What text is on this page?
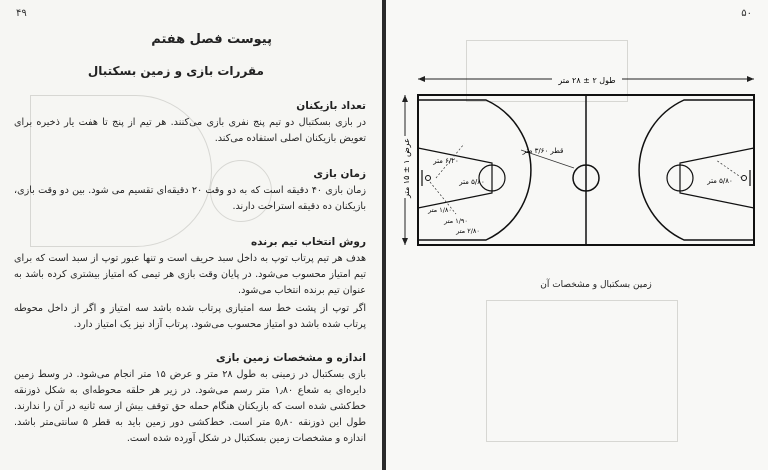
۴۹
پیوست فصل هفتم
مقررات بازی و زمین بسکتبال
تعداد بازیکنان

در بازی بسکتبال دو تیم پنج نفری بازی می‌کنند. هر تیم از پنج تا هفت یار ذخیره برای تعویض بازیکنان اصلی استفاده می‌کند.

زمان بازی

زمان بازی ۴۰ دقیقه است که به دو وقت ۲۰ دقیقه‌ای تقسیم می شود. بین دو وقت بازی، بازیکنان ده دقیقه استراحت دارند.

روش انتخاب تیم برنده

هدف هر تیم پرتاب توپ به داخل سبد حریف است و تنها عبور توپ از سبد است که برای تیم امتیاز محسوب می‌شود. در پایان وقت بازی هر تیمی که امتیاز بیشتری کرده باشد به عنوان تیم برنده انتخاب می‌شود.

اگر توپ از پشت خط سه امتیازی پرتاب شده باشد سه امتیاز و اگر از داخل محوطه پرتاب شده باشد دو امتیاز محسوب می‌شود. پرتاب آزاد نیز یک امتیاز دارد.

اندازه و مشخصات زمین بازی

بازی بسکتبال در زمینی به طول ۲۸ متر و عرض ۱۵ متر انجام می‌شود. در وسط زمین دایره‌ای به شعاع ۱٫۸۰ متر رسم می‌شود. در زیر هر حلقه محوطه‌ای به شکل ذوزنقه خط‌کشی شده است که بازیکنان هنگام حمله حق توقف بیش از سه ثانیه در آن را ندارند. طول این ذوزنقه ۵٫۸۰ متر است. خط‌کشی دور زمین باید به قطر ۵ سانتی‌متر باشد. اندازه و مشخصات زمین بسکتبال در شکل آورده شده است.

۵۰
طول ۲ ± ۲۸ متر
عرض ۱ ± ۱۵ متر	قطر ۳/۶۰ متر
۶/۲۰ متر
۵/۸۰ متر
۱/۸۰ متر
۱/۹۰ متر
۲/۸۰ متر
۵/۸۰ متر
زمین بسکتبال و مشخصات آن
